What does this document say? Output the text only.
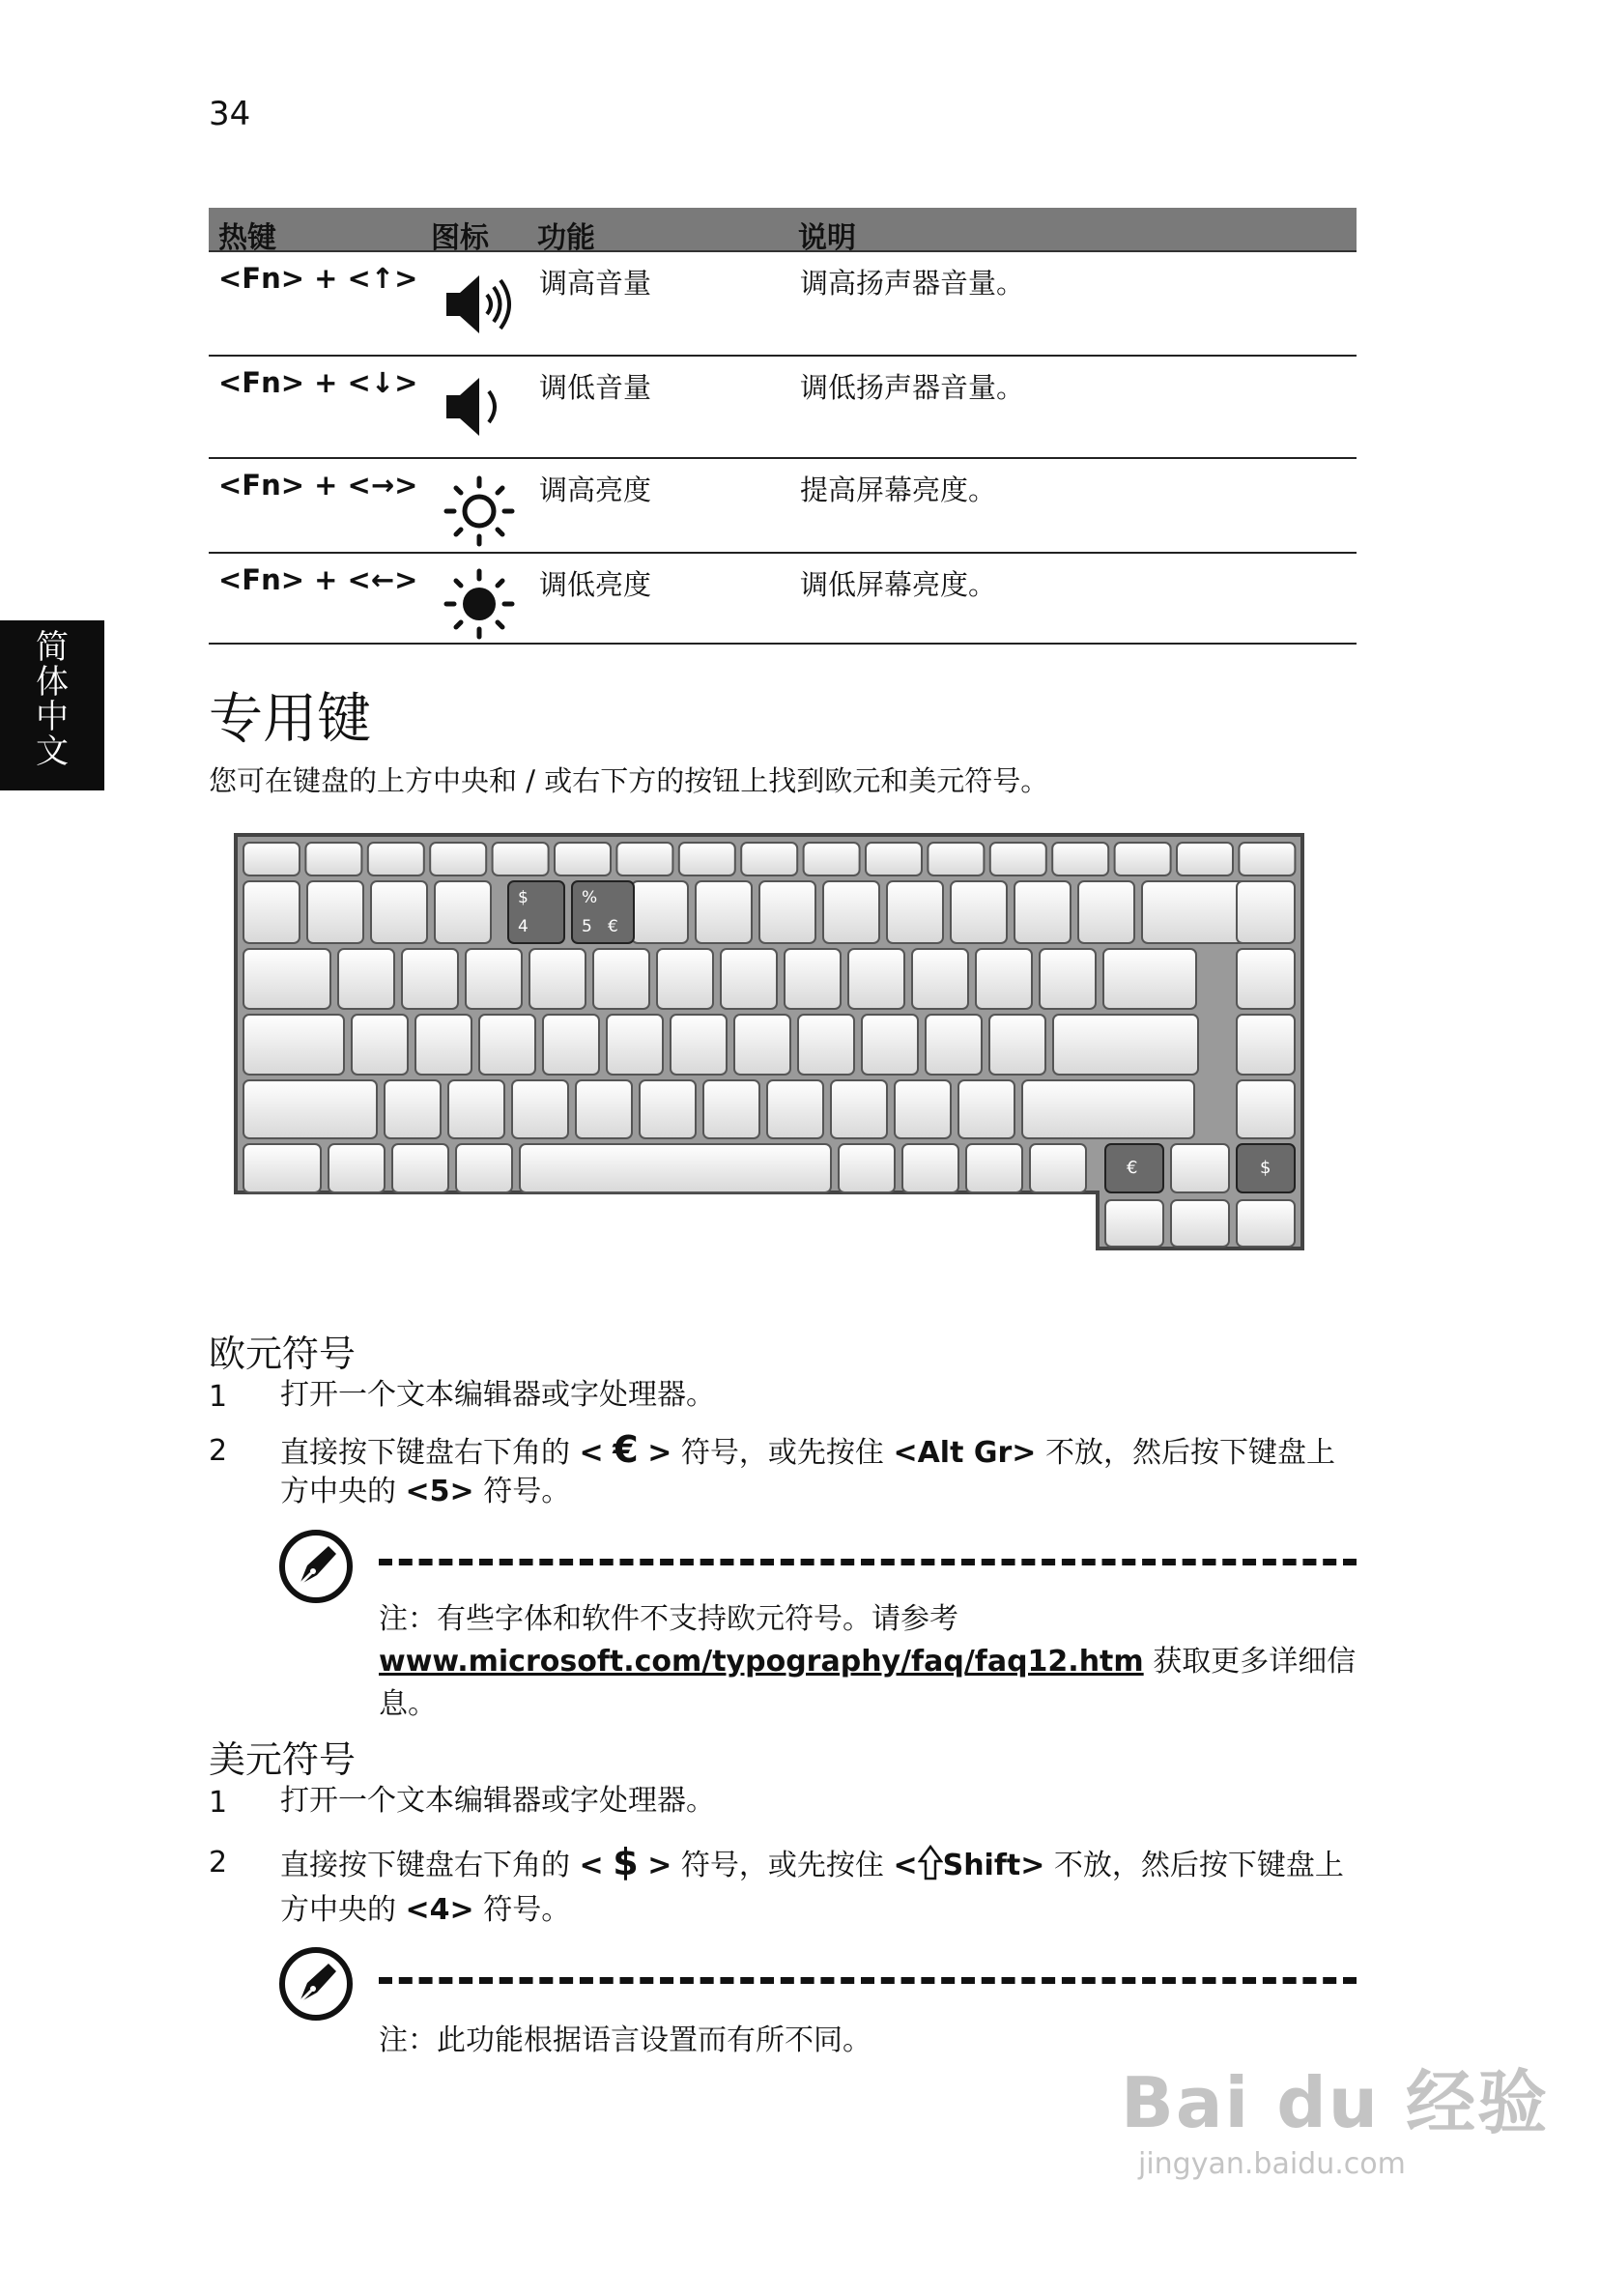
34
简
体
中
文
热键	图标 功能	说明
<Fn> + <↑>	调高音量	调高扬声器音量。
<Fn> + <↓>	调低音量	调低扬声器音量。
<Fn> + <→>	调高亮度	提高屏幕亮度。
<Fn> + <←>	调低亮度	调低屏幕亮度。
专用键
您可在键盘的上方中央和 / 或右下方的按钮上找到欧元和美元符号。
$
4
%
5 €
€	$
欧元符号
1 打开一个文本编辑器或字处理器。
2 直接按下键盘右下角的 < € > 符号，或先按住 <Alt Gr> 不放，然后按下键盘上方中央的 <5> 符号。
注：有些字体和软件不支持欧元符号。请参考 www.microsoft.com/typography/faq/faq12.htm 获取更多详细信息。
美元符号
1 打开一个文本编辑器或字处理器。
2 直接按下键盘右下角的 < $ > 符号，或先按住 < Shift> 不放，然后按下键盘上方中央的 <4> 符号。
注：此功能根据语言设置而有所不同。
Bai du 经验
jingyan.baidu.com
